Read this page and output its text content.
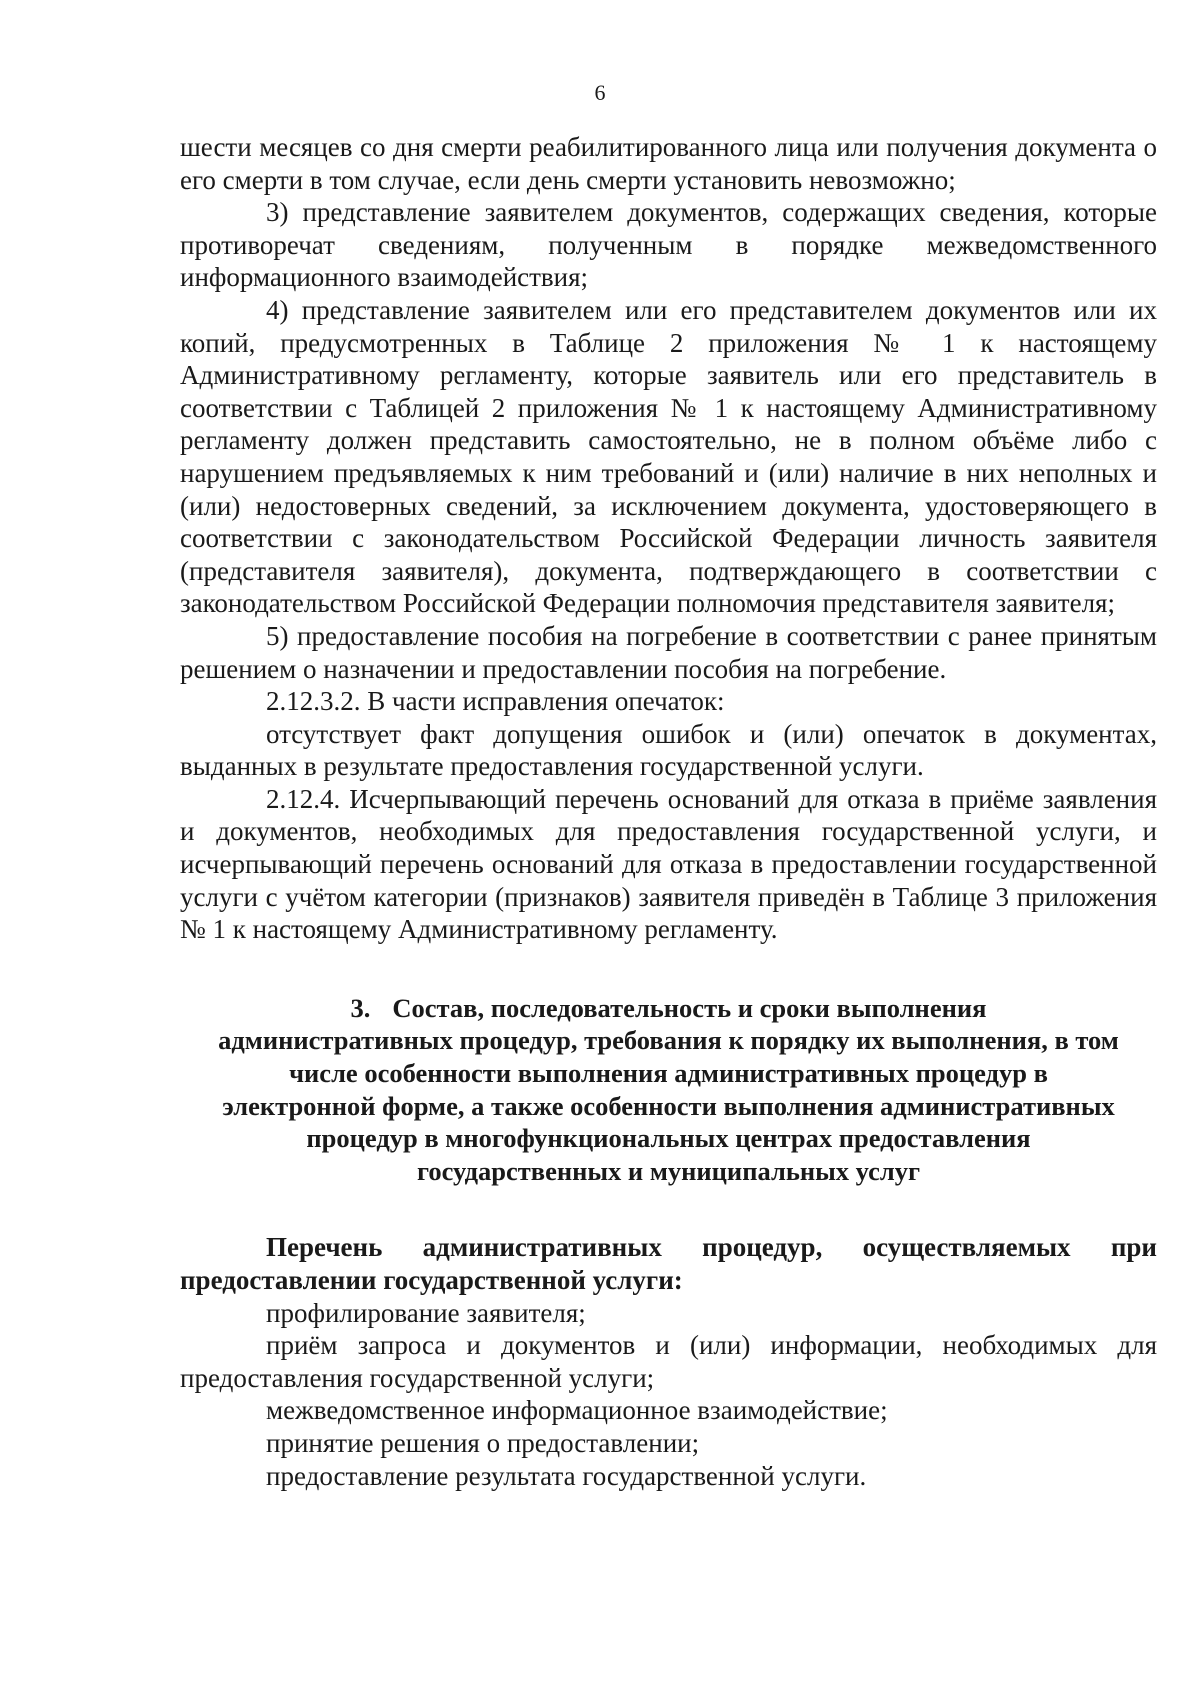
6

шести месяцев со дня смерти реабилитированного лица или получения документа о его смерти в том случае, если день смерти установить невозможно;

3) представление заявителем документов, содержащих сведения, которые противоречат сведениям, полученным в порядке межведомственного информационного взаимодействия;

4) представление заявителем или его представителем документов или их копий, предусмотренных в Таблице 2 приложения № 1 к настоящему Административному регламенту, которые заявитель или его представитель в соответствии с Таблицей 2 приложения № 1 к настоящему Административному регламенту должен представить самостоятельно, не в полном объёме либо с нарушением предъявляемых к ним требований и (или) наличие в них неполных и (или) недостоверных сведений, за исключением документа, удостоверяющего в соответствии с законодательством Российской Федерации личность заявителя (представителя заявителя), документа, подтверждающего в соответствии с законодательством Российской Федерации полномочия представителя заявителя;

5) предоставление пособия на погребение в соответствии с ранее принятым решением о назначении и предоставлении пособия на погребение.

2.12.3.2. В части исправления опечаток:

отсутствует факт допущения ошибок и (или) опечаток в документах, выданных в результате предоставления государственной услуги.

2.12.4. Исчерпывающий перечень оснований для отказа в приёме заявления и документов, необходимых для предоставления государственной услуги, и исчерпывающий перечень оснований для отказа в предоставлении государственной услуги с учётом категории (признаков) заявителя приведён в Таблице 3 приложения № 1 к настоящему Административному регламенту.

3. Состав, последовательность и сроки выполнения
административных процедур, требования к порядку их выполнения, в том
числе особенности выполнения административных процедур в
электронной форме, а также особенности выполнения административных
процедур в многофункциональных центрах предоставления
государственных и муниципальных услуг

Перечень административных процедур, осуществляемых при предоставлении государственной услуги:

профилирование заявителя;

приём запроса и документов и (или) информации, необходимых для предоставления государственной услуги;

межведомственное информационное взаимодействие;

принятие решения о предоставлении;

предоставление результата государственной услуги.
